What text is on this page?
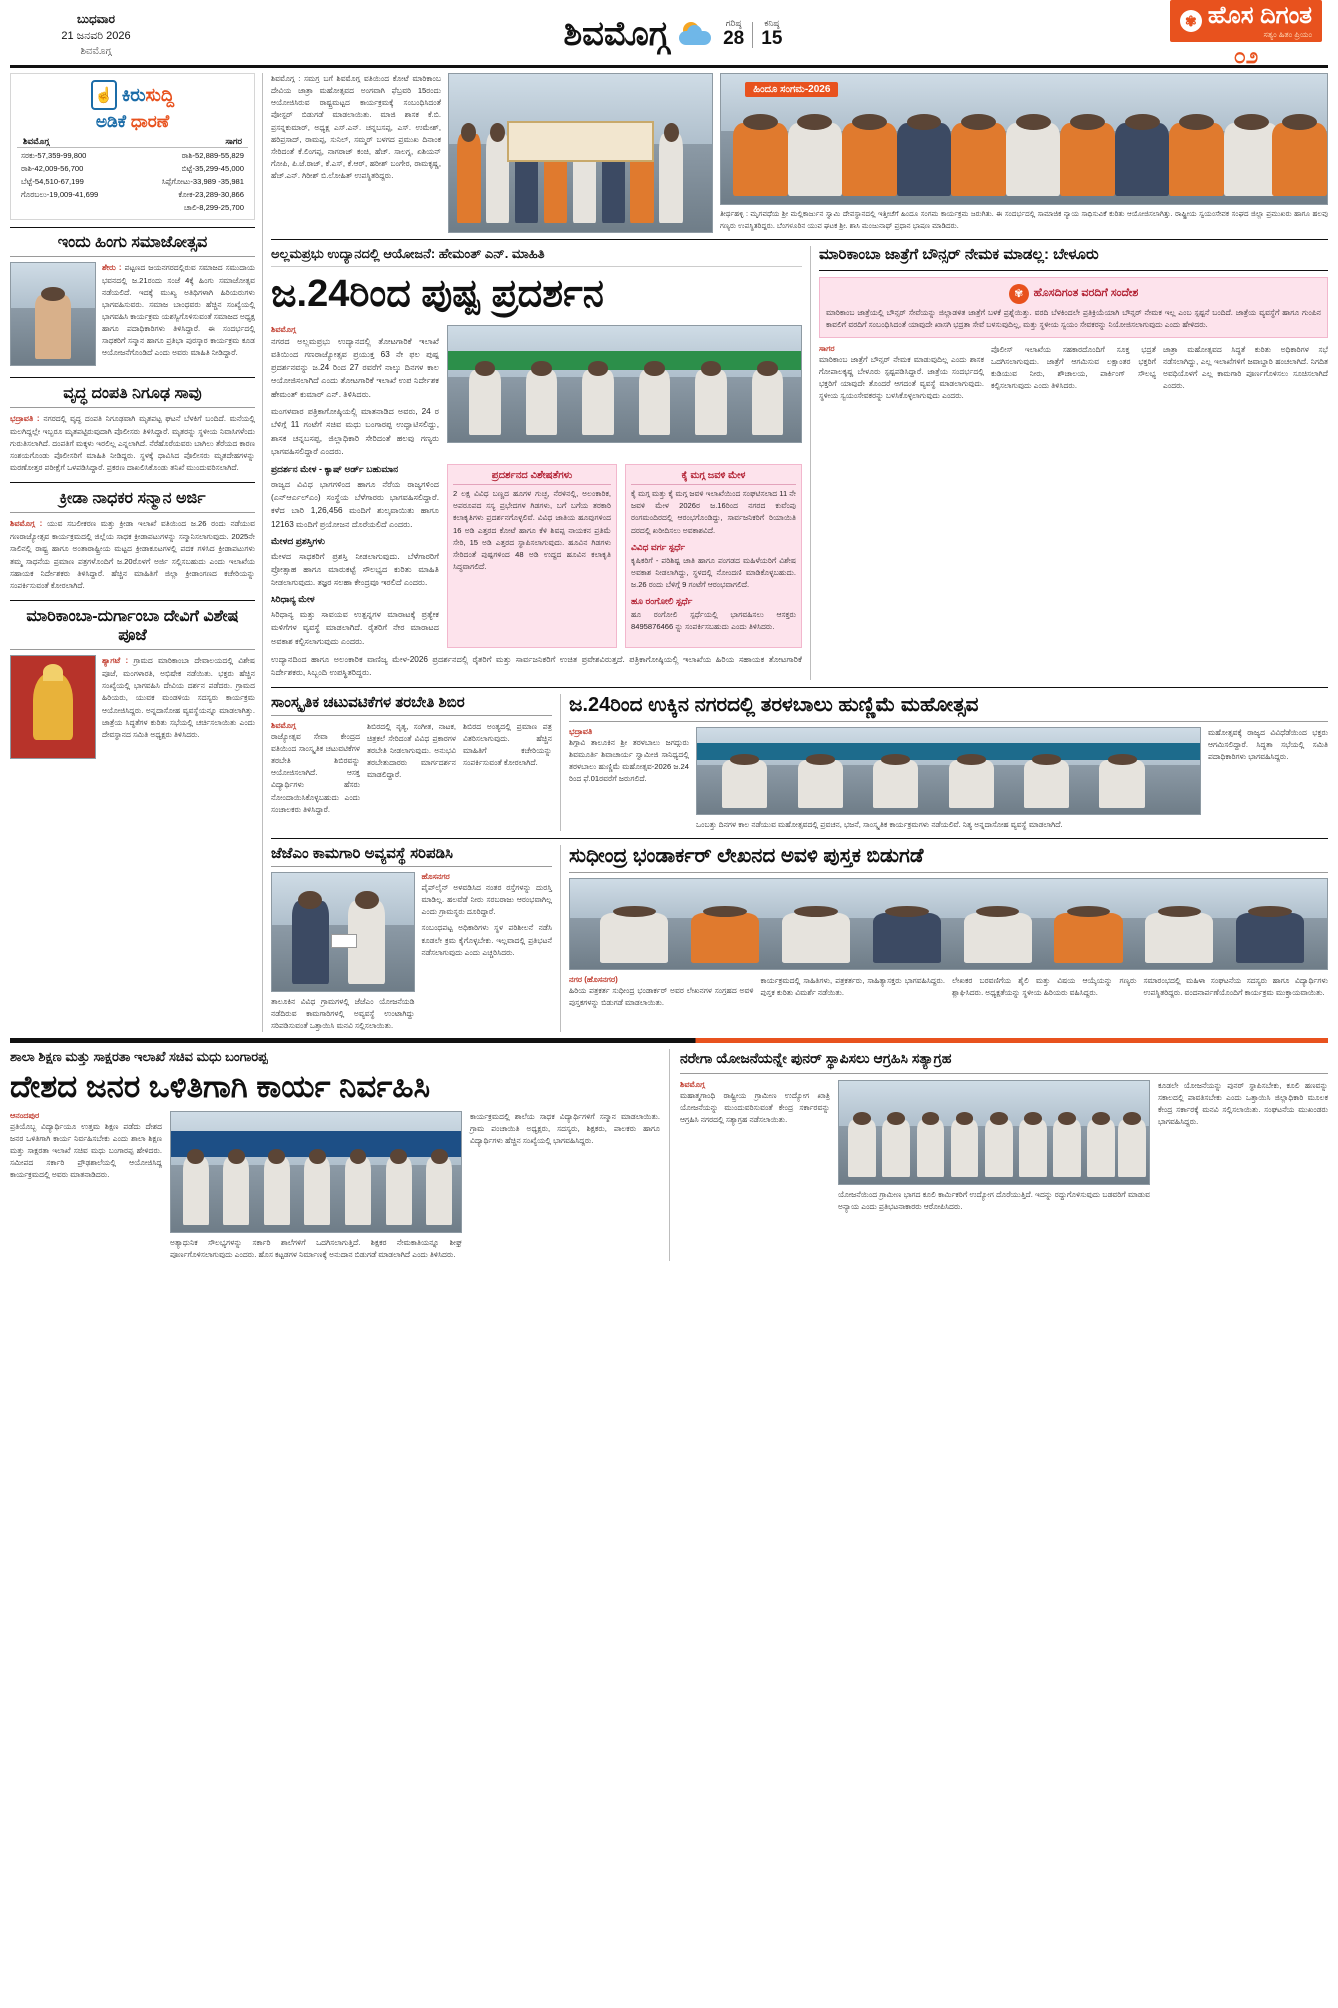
ಬುಧವಾರ
21 ಜನವರಿ 2026
ಶಿವಮೊಗ್ಗ	ಶಿವಮೊಗ್ಗ	ಗರಿಷ್ಠ
28
ಕನಿಷ್ಠ
15
✾ ಹೊಸ ದಿಗಂತ
ಸತ್ಯಂ ಹಿತಂ ಪ್ರಿಯಂ
೦೨
☝ ಕಿರುಸುದ್ದಿ
ಅಡಿಕೆ ಧಾರಣೆ
ಶಿವಮೊಗ್ಗ	ಸಾಗರ
ಸರಕು-57,359-99,800	ರಾಶಿ-52,889-55,829
ರಾಶಿ-42,009-56,700	ಬಿಟ್ಟೆ-35,299-45,000
ಬೆಟ್ಟೆ-54,510-67,199	ಸಿಪ್ಪೆಗೋಟು-33,989 -35,981
ಗೊರಬಲು-19,009-41,699	ಕೋಕ-23,289-30,866
ಚಾಲಿ-8,299-25,700
ಇಂದು ಹಿಂಗು ಸಮಾಜೋತ್ಸವ
ಶೇರು : ಪಟ್ಟಣದ ಜಯನಗರದಲ್ಲಿರುವ ಸಮಾಜದ ಸಮುದಾಯ ಭವನದಲ್ಲಿ ಜ.21ರಂದು ಸಂಜೆ 4ಕ್ಕೆ ಹಿಂಗು ಸಮಾಜೋತ್ಸವ ನಡೆಯಲಿದೆ. ಇದಕ್ಕೆ ಮುಖ್ಯ ಅತಿಥಿಗಳಾಗಿ ಹಿರಿಯರುಗಳು ಭಾಗವಹಿಸುವರು. ಸಮಾಜ ಬಾಂಧವರು ಹೆಚ್ಚಿನ ಸಂಖ್ಯೆಯಲ್ಲಿ ಭಾಗವಹಿಸಿ ಕಾರ್ಯಕ್ರಮ ಯಶಸ್ವಿಗೊಳಿಸುವಂತೆ ಸಮಾಜದ ಅಧ್ಯಕ್ಷ ಹಾಗೂ ಪದಾಧಿಕಾರಿಗಳು ತಿಳಿಸಿದ್ದಾರೆ. ಈ ಸಂದರ್ಭದಲ್ಲಿ ಸಾಧಕರಿಗೆ ಸನ್ಮಾನ ಹಾಗೂ ಪ್ರತಿಭಾ ಪುರಸ್ಕಾರ ಕಾರ್ಯಕ್ರಮ ಕೂಡ ಆಯೋಜನೆಗೊಂಡಿದೆ ಎಂದು ಅವರು ಮಾಹಿತಿ ನೀಡಿದ್ದಾರೆ.
ವೃದ್ಧ ದಂಪತಿ ನಿಗೂಢ ಸಾವು
ಭದ್ರಾವತಿ : ನಗರದಲ್ಲಿ ವೃದ್ಧ ದಂಪತಿ ನಿಗೂಢವಾಗಿ ಮೃತಪಟ್ಟ ಘಟನೆ ಬೆಳಕಿಗೆ ಬಂದಿದೆ. ಮನೆಯಲ್ಲಿ ಮಲಗಿದ್ದಲ್ಲೇ ಇಬ್ಬರೂ ಮೃತಪಟ್ಟಿರುವುದಾಗಿ ಪೊಲೀಸರು ತಿಳಿಸಿದ್ದಾರೆ. ಮೃತರನ್ನು ಸ್ಥಳೀಯ ನಿವಾಸಿಗಳೆಂದು ಗುರುತಿಸಲಾಗಿದೆ. ದಂಪತಿಗೆ ಮಕ್ಕಳು ಇರಲಿಲ್ಲ ಎನ್ನಲಾಗಿದೆ. ನೆರೆಹೊರೆಯವರು ಬಾಗಿಲು ತೆರೆಯದ ಕಾರಣ ಸಂಶಯಗೊಂಡು ಪೊಲೀಸರಿಗೆ ಮಾಹಿತಿ ನೀಡಿದ್ದರು. ಸ್ಥಳಕ್ಕೆ ಧಾವಿಸಿದ ಪೊಲೀಸರು ಮೃತದೇಹಗಳನ್ನು ಮರಣೋತ್ತರ ಪರೀಕ್ಷೆಗೆ ಒಳಪಡಿಸಿದ್ದಾರೆ. ಪ್ರಕರಣ ದಾಖಲಿಸಿಕೊಂಡು ತನಿಖೆ ಮುಂದುವರಿಸಲಾಗಿದೆ.
ಕ್ರೀಡಾ ನಾಧಕರ ಸನ್ಮಾನ ಅರ್ಜಿ
ಶಿವಮೊಗ್ಗ : ಯುವ ಸಬಲೀಕರಣ ಮತ್ತು ಕ್ರೀಡಾ ಇಲಾಖೆ ವತಿಯಿಂದ ಜ.26 ರಂದು ನಡೆಯುವ ಗಣರಾಜ್ಯೋತ್ಸವ ಕಾರ್ಯಕ್ರಮದಲ್ಲಿ ಜಿಲ್ಲೆಯ ಸಾಧಕ ಕ್ರೀಡಾಪಟುಗಳನ್ನು ಸನ್ಮಾನಿಸಲಾಗುವುದು. 2025ನೇ ಸಾಲಿನಲ್ಲಿ ರಾಷ್ಟ್ರ ಹಾಗೂ ಅಂತಾರಾಷ್ಟ್ರೀಯ ಮಟ್ಟದ ಕ್ರೀಡಾಕೂಟಗಳಲ್ಲಿ ಪದಕ ಗಳಿಸಿದ ಕ್ರೀಡಾಪಟುಗಳು ತಮ್ಮ ಸಾಧನೆಯ ಪ್ರಮಾಣ ಪತ್ರಗಳೊಂದಿಗೆ ಜ.20ರೊಳಗೆ ಅರ್ಜಿ ಸಲ್ಲಿಸಬಹುದು ಎಂದು ಇಲಾಖೆಯ ಸಹಾಯಕ ನಿರ್ದೇಶಕರು ತಿಳಿಸಿದ್ದಾರೆ. ಹೆಚ್ಚಿನ ಮಾಹಿತಿಗೆ ಜಿಲ್ಲಾ ಕ್ರೀಡಾಂಗಣದ ಕಚೇರಿಯನ್ನು ಸಂಪರ್ಕಿಸುವಂತೆ ಕೋರಲಾಗಿದೆ.
ಮಾರಿಕಾಂಬಾ-ದುರ್ಗಾಂಬಾ ದೇವಿಗೆ ವಿಶೇಷ ಪೂಜೆ
ಶ್ಯಾಗಟೆ : ಗ್ರಾಮದ ಮಾರಿಕಾಂಬಾ ದೇವಾಲಯದಲ್ಲಿ ವಿಶೇಷ ಪೂಜೆ, ಮಂಗಳಾರತಿ, ಅಭಿಷೇಕ ನಡೆಯಿತು. ಭಕ್ತರು ಹೆಚ್ಚಿನ ಸಂಖ್ಯೆಯಲ್ಲಿ ಭಾಗವಹಿಸಿ ದೇವಿಯ ದರ್ಶನ ಪಡೆದರು. ಗ್ರಾಮದ ಹಿರಿಯರು, ಯುವಕ ಮಂಡಳಿಯ ಸದಸ್ಯರು ಕಾರ್ಯಕ್ರಮ ಆಯೋಜಿಸಿದ್ದರು. ಅನ್ನದಾಸೋಹ ವ್ಯವಸ್ಥೆಯನ್ನೂ ಮಾಡಲಾಗಿತ್ತು. ಜಾತ್ರೆಯ ಸಿದ್ಧತೆಗಳ ಕುರಿತು ಸಭೆಯಲ್ಲಿ ಚರ್ಚಿಸಲಾಯಿತು ಎಂದು ದೇವಸ್ಥಾನದ ಸಮಿತಿ ಅಧ್ಯಕ್ಷರು ತಿಳಿಸಿದರು.
ಶಿವಮೊಗ್ಗ : ಸಮಗ್ರ ಬಗೆ ಶಿವಮೊಗ್ಗ ವತಿಯಿಂದ ಕೋಟೆ ಮಾರಿಕಾಂಬ ದೇವಿಯ ಜಾತ್ರಾ ಮಹೋತ್ಸವದ ಅಂಗವಾಗಿ ಫೆಬ್ರವರಿ 15ರಂದು ಆಯೋಜಿಸಿರುವ ರಾಷ್ಟ್ರಮಟ್ಟದ ಕಾರ್ಯಕ್ರಮಕ್ಕೆ ಸಂಬಂಧಿಸಿದಂತೆ ಪೋಸ್ಟರ್ ಬಿಡುಗಡೆ ಮಾಡಲಾಯಿತು. ಮಾಜಿ ಶಾಸಕ ಕೆ.ಬಿ. ಪ್ರಸನ್ನಕುಮಾರ್, ಅಧ್ಯಕ್ಷ ಎಸ್.ಎನ್. ಚನ್ನಬಸಪ್ಪ, ಎಸ್. ಉಮೇಶ್, ಹರಿಪ್ರಸಾದ್, ರಾಮಪ್ಪ, ಸುನಿಲ್, ಸಮ್ಮರ್ ಬಳಗದ ಪ್ರಮುಖ ದಿನಾಂಕ ಸೇರಿದಂತೆ ಕೆ.ಲಿಂಗಪ್ಪ, ನಾಗರಾಜ್ ಕಂಚಿ, ಹೆಚ್. ಸಾಲಗ್ನ, ಏಶಿಯನ್ ಗೋಪಿ, ಪಿ.ಜೆ.ರಾಜ್, ಕೆ.ಎಸ್, ಕೆ.ಆರ್, ಹರೀಶ್ ಬಂಗೇರ, ರಾಮಕೃಷ್ಣ, ಹೆಚ್.ಎನ್. ಗಿರೀಶ್ ಬಿ.ಲೋಹಿತ್ ಉಪಸ್ಥಿತರಿದ್ದರು.
ಹಿಂದೂ ಸಂಗಮ-2026
ತೀರ್ಥಹಳ್ಳಿ : ಮೃಗವಧೆಯ ಶ್ರೀ ಮಲ್ಲಿಕಾರ್ಜುನ ಸ್ವಾಮಿ ದೇವಸ್ಥಾನದಲ್ಲಿ ಇತ್ತೀಚೆಗೆ ಹಿಂದೂ ಸಂಗಮ ಕಾರ್ಯಕ್ರಮ ಜರುಗಿತು. ಈ ಸಂದರ್ಭದಲ್ಲಿ ಸಾಮಾಜಿಕ ನ್ಯಾಯ ಸಾಧಿಸುವಿಕೆ ಕುರಿತು ಆಯೋಜಿಸಲಾಗಿತ್ತು. ರಾಷ್ಟ್ರೀಯ ಸ್ವಯಂಸೇವಕ ಸಂಘದ ಜಿಲ್ಲಾ ಪ್ರಮುಖರು ಹಾಗೂ ಹಲವು ಗಣ್ಯರು ಉಪಸ್ಥಿತರಿದ್ದರು. ಬೆಂಗಳೂರಿನ ಯುವ ಘಟಕ ಶ್ರೀ. ಶಾಸಿ ಮಂಜುನಾಥ್ ಪ್ರಧಾನ ಭಾಷಣ ಮಾಡಿದರು.
ಅಲ್ಲಮಪ್ರಭು ಉದ್ಯಾನದಲ್ಲಿ ಆಯೋಜನೆ: ಹೇಮಂತ್ ಎನ್. ಮಾಹಿತಿ
ಜ.24ರಿಂದ ಪುಷ್ಪ ಪ್ರದರ್ಶನ
ಶಿವಮೊಗ್ಗ
ನಗರದ ಅಲ್ಲಮಪ್ರಭು ಉದ್ಯಾನದಲ್ಲಿ ತೋಟಗಾರಿಕೆ ಇಲಾಖೆ ವತಿಯಿಂದ ಗಣರಾಜ್ಯೋತ್ಸವ ಪ್ರಯುಕ್ತ 63 ನೇ ಫಲ ಪುಷ್ಪ ಪ್ರದರ್ಶನವನ್ನು ಜ.24 ರಿಂದ 27 ರವರೆಗೆ ನಾಲ್ಕು ದಿನಗಳ ಕಾಲ ಆಯೋಜಿಸಲಾಗಿದೆ ಎಂದು ತೋಟಗಾರಿಕೆ ಇಲಾಖೆ ಉಪ ನಿರ್ದೇಶಕ ಹೇಮಂತ್ ಕುಮಾರ್ ಎನ್. ತಿಳಿಸಿದರು.
ಮಂಗಳವಾರ ಪತ್ರಿಕಾಗೋಷ್ಠಿಯಲ್ಲಿ ಮಾತನಾಡಿದ ಅವರು, 24 ರ ಬೆಳಿಗ್ಗೆ 11 ಗಂಟೆಗೆ ಸಚಿವ ಮಧು ಬಂಗಾರಪ್ಪ ಉದ್ಘಾಟಿಸಲಿದ್ದು, ಶಾಸಕ ಚನ್ನಬಸಪ್ಪ, ಜಿಲ್ಲಾಧಿಕಾರಿ ಸೇರಿದಂತೆ ಹಲವು ಗಣ್ಯರು ಭಾಗವಹಿಸಲಿದ್ದಾರೆ ಎಂದರು.
ಪ್ರದರ್ಶನ ಮೇಳ - ಕ್ಯಾಷ್ ಅರ್ಡ್ ಬಹುಮಾನ
ರಾಜ್ಯದ ವಿವಿಧ ಭಾಗಗಳಿಂದ ಹಾಗೂ ನೆರೆಯ ರಾಜ್ಯಗಳಿಂದ (ಎನ್ಆರ್ಎಲ್ಎಂ) ಸಂಸ್ಥೆಯ ಬೆಳೆಗಾರರು ಭಾಗವಹಿಸಲಿದ್ದಾರೆ. ಕಳೆದ ಬಾರಿ 1,26,456 ಮಂದಿಗೆ ಶುಲ್ಕವಾಯಿತು ಹಾಗೂ 12163 ಮಂದಿಗೆ ಪ್ರಯೋಜನ ದೊರೆಯಲಿದೆ ಎಂದರು.
ಮೇಳದ ಪ್ರಶಸ್ತಿಗಳು
ಮೇಳದ ಸಾಧಕರಿಗೆ ಪ್ರಶಸ್ತಿ ನೀಡಲಾಗುವುದು. ಬೆಳೆಗಾರರಿಗೆ ಪ್ರೋತ್ಸಾಹ ಹಾಗೂ ಮಾರುಕಟ್ಟೆ ಸೌಲಭ್ಯದ ಕುರಿತು ಮಾಹಿತಿ ನೀಡಲಾಗುವುದು. ತಜ್ಞರ ಸಲಹಾ ಕೇಂದ್ರವೂ ಇರಲಿದೆ ಎಂದರು.
ಸಿರಿಧಾನ್ಯ ಮೇಳ
ಸಿರಿಧಾನ್ಯ ಮತ್ತು ಸಾವಯವ ಉತ್ಪನ್ನಗಳ ಮಾರಾಟಕ್ಕೆ ಪ್ರತ್ಯೇಕ ಮಳಿಗೆಗಳ ವ್ಯವಸ್ಥೆ ಮಾಡಲಾಗಿದೆ. ರೈತರಿಗೆ ನೇರ ಮಾರಾಟದ ಅವಕಾಶ ಕಲ್ಪಿಸಲಾಗುವುದು ಎಂದರು.
ಪ್ರದರ್ಶನದ ವಿಶೇಷತೆಗಳು
2 ಲಕ್ಷ ವಿವಿಧ ಬಣ್ಣದ ಹೂಗಳ ಗುಚ್ಛ, ನೆರಳಿನಲ್ಲಿ, ಅಲಂಕಾರಿಕ, ಅಪರೂಪದ ಸಸ್ಯ ಪ್ರಭೇದಗಳ ಗಿಡಗಳು, ಬಗೆ ಬಗೆಯ ತರಕಾರಿ ಕಲಾಕೃತಿಗಳು ಪ್ರದರ್ಶನಗೊಳ್ಳಲಿವೆ. ವಿವಿಧ ಜಾತಿಯ ಹೂವುಗಳಿಂದ 16 ಅಡಿ ಎತ್ತರದ ಕೋಟೆ ಹಾಗೂ ಕೆಳಿ ಶಿವಪ್ಪ ನಾಯಕನ ಪ್ರತಿಮೆ ಸೇರಿ, 15 ಅಡಿ ಎತ್ತರದ ಸ್ಥಾಪಿಸಲಾಗುವುದು. ಹೂವಿನ ಗಿಡಗಳು ಸೇರಿದಂತೆ ಪುಷ್ಪಗಳಿಂದ 48 ಅಡಿ ಉದ್ದದ ಹೂವಿನ ಕಲಾಕೃತಿ ಸಿದ್ಧವಾಗಲಿದೆ.
ಕೈ ಮಗ್ಗ ಜವಳಿ ಮೇಳ
ಕೈ ಮಗ್ಗ ಮತ್ತು ಕೈ ಮಗ್ಗ ಜವಳಿ ಇಲಾಖೆಯಿಂದ ಸಂಘಟಿಸಲಾದ 11 ನೇ ಜವಳಿ ಮೇಳ 2026ರ ಜ.16ರಿಂದ ನಗರದ ಕುವೆಂಪು ರಂಗಮಂದಿರದಲ್ಲಿ ಆರಂಭಗೊಂಡಿದ್ದು, ಸಾರ್ವಜನಿಕರಿಗೆ ರಿಯಾಯಿತಿ ದರದಲ್ಲಿ ಖರೀದಿಸಲು ಅವಕಾಶವಿದೆ.
ವಿವಿಧ ವರ್ಗ ಸ್ಪರ್ಧೆ
ಕೃಷಿಕರಿಗೆ - ಪರಿಶಿಷ್ಟ ಜಾತಿ ಹಾಗೂ ಪಂಗಡದ ಮಹಿಳೆಯರಿಗೆ ವಿಶೇಷ ಅವಕಾಶ ನೀಡಲಾಗಿದ್ದು, ಸ್ಥಳದಲ್ಲಿ ನೋಂದಣಿ ಮಾಡಿಕೊಳ್ಳಬಹುದು. ಜ.26 ರಂದು ಬೆಳಿಗ್ಗೆ 9 ಗಂಟೆಗೆ ಆರಂಭವಾಗಲಿದೆ.
ಹೂ ರಂಗೋಲಿ ಸ್ಪರ್ಧೆ
ಹೂ ರಂಗೋಲಿ ಸ್ಪರ್ಧೆಯಲ್ಲಿ ಭಾಗವಹಿಸಲು ಆಸಕ್ತರು 8495876466 ನ್ನು ಸಂಪರ್ಕಿಸಬಹುದು ಎಂದು ತಿಳಿಸಿದರು.
ಉದ್ಯಾನದಿಂದ ಹಾಗೂ ಅಲಂಕಾರಿಕ ವಾಣಿಜ್ಯ ಮೇಳ-2026 ಪ್ರದರ್ಶನದಲ್ಲಿ ರೈತರಿಗೆ ಮತ್ತು ಸಾರ್ವಜನಿಕರಿಗೆ ಉಚಿತ ಪ್ರವೇಶವಿರುತ್ತದೆ. ಪತ್ರಿಕಾಗೋಷ್ಠಿಯಲ್ಲಿ ಇಲಾಖೆಯ ಹಿರಿಯ ಸಹಾಯಕ ತೋಟಗಾರಿಕೆ ನಿರ್ದೇಶಕರು, ಸಿಬ್ಬಂದಿ ಉಪಸ್ಥಿತರಿದ್ದರು.
ಮಾರಿಕಾಂಬಾ ಜಾತ್ರೆಗೆ ಬೌನ್ಸರ್ ನೇಮಕ ಮಾಡಲ್ಲ: ಬೇಳೂರು
✾ ಹೊಸದಿಗಂತ ವರದಿಗೆ ಸಂದೇಶ
ಮಾರಿಕಾಂಬ ಜಾತ್ರೆಯಲ್ಲಿ ಬೌನ್ಸರ್ ಸೇವೆಯನ್ನು ಜಿಲ್ಲಾಡಳಿತ ಜಾತ್ರೆಗೆ ಬಳಕೆ ಪ್ರಶ್ನೆಯಿತ್ತು. ವರದಿ ಬೆಳಕಿಂದಲೇ ಪ್ರತಿಕ್ರಿಯೆಯಾಗಿ ಬೌನ್ಸರ್ ನೇಮಕ ಇಲ್ಲ ಎಂಬ ಸ್ಪಷ್ಟನೆ ಬಂದಿದೆ. ಜಾತ್ರೆಯ ವ್ಯವಸ್ಥೆಗೆ ಹಾಗೂ ಗುಂಪಿನ ಕಾವಲಿಗೆ ವರದಿಗೆ ಸಂಬಂಧಿಸಿದಂತೆ ಯಾವುದೇ ಖಾಸಗಿ ಭದ್ರತಾ ಸೇವೆ ಬಳಸುವುದಿಲ್ಲ, ಮತ್ತು ಸ್ಥಳೀಯ ಸ್ವಯಂ ಸೇವಕರನ್ನು ನಿಯೋಜಿಸಲಾಗುವುದು ಎಂದು ಹೇಳಿದರು.
ಸಾಗರ
ಮಾರಿಕಾಂಬ ಜಾತ್ರೆಗೆ ಬೌನ್ಸರ್ ನೇಮಕ ಮಾಡುವುದಿಲ್ಲ ಎಂದು ಶಾಸಕ ಗೋಪಾಲಕೃಷ್ಣ ಬೇಳೂರು ಸ್ಪಷ್ಟಪಡಿಸಿದ್ದಾರೆ. ಜಾತ್ರೆಯ ಸಂದರ್ಭದಲ್ಲಿ ಭಕ್ತರಿಗೆ ಯಾವುದೇ ತೊಂದರೆ ಆಗದಂತೆ ವ್ಯವಸ್ಥೆ ಮಾಡಲಾಗುವುದು. ಸ್ಥಳೀಯ ಸ್ವಯಂಸೇವಕರನ್ನು ಬಳಸಿಕೊಳ್ಳಲಾಗುವುದು ಎಂದರು.
ಪೊಲೀಸ್ ಇಲಾಖೆಯ ಸಹಕಾರದೊಂದಿಗೆ ಸೂಕ್ತ ಭದ್ರತೆ ಒದಗಿಸಲಾಗುವುದು. ಜಾತ್ರೆಗೆ ಆಗಮಿಸುವ ಲಕ್ಷಾಂತರ ಭಕ್ತರಿಗೆ ಕುಡಿಯುವ ನೀರು, ಶೌಚಾಲಯ, ಪಾರ್ಕಿಂಗ್ ಸೌಲಭ್ಯ ಕಲ್ಪಿಸಲಾಗುವುದು ಎಂದು ತಿಳಿಸಿದರು.
ಜಾತ್ರಾ ಮಹೋತ್ಸವದ ಸಿದ್ಧತೆ ಕುರಿತು ಅಧಿಕಾರಿಗಳ ಸಭೆ ನಡೆಸಲಾಗಿದ್ದು, ಎಲ್ಲ ಇಲಾಖೆಗಳಿಗೆ ಜವಾಬ್ದಾರಿ ಹಂಚಲಾಗಿದೆ. ನಿಗದಿತ ಅವಧಿಯೊಳಗೆ ಎಲ್ಲ ಕಾಮಗಾರಿ ಪೂರ್ಣಗೊಳಿಸಲು ಸೂಚಿಸಲಾಗಿದೆ ಎಂದರು.
ಸಾಂಸ್ಕೃತಿಕ ಚಟುವಟಿಕೆಗಳ ತರಬೇತಿ ಶಿಬಿರ
ಶಿವಮೊಗ್ಗ
ರಾಜ್ಯೋತ್ಸವ ಸೇವಾ ಕೇಂದ್ರದ ವತಿಯಿಂದ ಸಾಂಸ್ಕೃತಿಕ ಚಟುವಟಿಕೆಗಳ ತರಬೇತಿ ಶಿಬಿರವನ್ನು ಆಯೋಜಿಸಲಾಗಿದೆ. ಆಸಕ್ತ ವಿದ್ಯಾರ್ಥಿಗಳು ಹೆಸರು ನೋಂದಾಯಿಸಿಕೊಳ್ಳಬಹುದು ಎಂದು ಸಂಚಾಲಕರು ತಿಳಿಸಿದ್ದಾರೆ.
ಶಿಬಿರದಲ್ಲಿ ನೃತ್ಯ, ಸಂಗೀತ, ನಾಟಕ, ಚಿತ್ರಕಲೆ ಸೇರಿದಂತೆ ವಿವಿಧ ಪ್ರಕಾರಗಳ ತರಬೇತಿ ನೀಡಲಾಗುವುದು. ಅನುಭವಿ ತರಬೇತುದಾರರು ಮಾರ್ಗದರ್ಶನ ಮಾಡಲಿದ್ದಾರೆ.
ಶಿಬಿರದ ಅಂತ್ಯದಲ್ಲಿ ಪ್ರಮಾಣ ಪತ್ರ ವಿತರಿಸಲಾಗುವುದು. ಹೆಚ್ಚಿನ ಮಾಹಿತಿಗೆ ಕಚೇರಿಯನ್ನು ಸಂಪರ್ಕಿಸುವಂತೆ ಕೋರಲಾಗಿದೆ.
ಜ.24ರಿಂದ ಉಕ್ಕಿನ ನಗರದಲ್ಲಿ ತರಳಬಾಲು ಹುಣ್ಣಿಮೆ ಮಹೋತ್ಸವ
ಭದ್ರಾವತಿ
ಶಿಗ್ಗಾವಿ ತಾಲೂಕಿನ ಶ್ರೀ ತರಳಬಾಲು ಜಗದ್ಗುರು ಶಿವಮೂರ್ತಿ ಶಿವಾಚಾರ್ಯ ಸ್ವಾಮೀಜಿ ಸಾನಿಧ್ಯದಲ್ಲಿ ತರಳಬಾಲು ಹುಣ್ಣಿಮೆ ಮಹೋತ್ಸವ-2026 ಜ.24 ರಿಂದ ಫೆ.01ರವರೆಗೆ ಜರುಗಲಿದೆ.
ಒಂಬತ್ತು ದಿನಗಳ ಕಾಲ ನಡೆಯುವ ಮಹೋತ್ಸವದಲ್ಲಿ ಪ್ರವಚನ, ಭಜನೆ, ಸಾಂಸ್ಕೃತಿಕ ಕಾರ್ಯಕ್ರಮಗಳು ನಡೆಯಲಿವೆ. ನಿತ್ಯ ಅನ್ನದಾಸೋಹ ವ್ಯವಸ್ಥೆ ಮಾಡಲಾಗಿದೆ.
ಮಹೋತ್ಸವಕ್ಕೆ ರಾಜ್ಯದ ವಿವಿಧೆಡೆಯಿಂದ ಭಕ್ತರು ಆಗಮಿಸಲಿದ್ದಾರೆ. ಸಿದ್ಧತಾ ಸಭೆಯಲ್ಲಿ ಸಮಿತಿ ಪದಾಧಿಕಾರಿಗಳು ಭಾಗವಹಿಸಿದ್ದರು.
ಜೆಜೆಎಂ ಕಾಮಗಾರಿ ಅವ್ಯವಸ್ಥೆ ಸರಿಪಡಿಸಿ
ತಾಲೂಕಿನ ವಿವಿಧ ಗ್ರಾಮಗಳಲ್ಲಿ ಜೆಜೆಎಂ ಯೋಜನೆಯಡಿ ನಡೆದಿರುವ ಕಾಮಗಾರಿಗಳಲ್ಲಿ ಅವ್ಯವಸ್ಥೆ ಉಂಟಾಗಿದ್ದು ಸರಿಪಡಿಸುವಂತೆ ಒತ್ತಾಯಿಸಿ ಮನವಿ ಸಲ್ಲಿಸಲಾಯಿತು.
ಹೊಸನಗರ
ಪೈಪ್‌ಲೈನ್ ಅಳವಡಿಸಿದ ನಂತರ ರಸ್ತೆಗಳನ್ನು ದುರಸ್ತಿ ಮಾಡಿಲ್ಲ. ಹಲವೆಡೆ ನೀರು ಸರಬರಾಜು ಆರಂಭವಾಗಿಲ್ಲ ಎಂದು ಗ್ರಾಮಸ್ಥರು ದೂರಿದ್ದಾರೆ.
ಸಂಬಂಧಪಟ್ಟ ಅಧಿಕಾರಿಗಳು ಸ್ಥಳ ಪರಿಶೀಲನೆ ನಡೆಸಿ ಕೂಡಲೇ ಕ್ರಮ ಕೈಗೊಳ್ಳಬೇಕು. ಇಲ್ಲವಾದಲ್ಲಿ ಪ್ರತಿಭಟನೆ ನಡೆಸಲಾಗುವುದು ಎಂದು ಎಚ್ಚರಿಸಿದರು.
ಸುಧೀಂದ್ರ ಭಂಡಾರ್ಕರ್ ಲೇಖನದ ಅವಳಿ ಪುಸ್ತಕ ಬಿಡುಗಡೆ
ನಗರ (ಹೊಸನಗರ)
ಹಿರಿಯ ಪತ್ರಕರ್ತ ಸುಧೀಂದ್ರ ಭಂಡಾರ್ಕರ್ ಅವರ ಲೇಖನಗಳ ಸಂಗ್ರಹದ ಅವಳಿ ಪುಸ್ತಕಗಳನ್ನು ಬಿಡುಗಡೆ ಮಾಡಲಾಯಿತು.
ಕಾರ್ಯಕ್ರಮದಲ್ಲಿ ಸಾಹಿತಿಗಳು, ಪತ್ರಕರ್ತರು, ಸಾಹಿತ್ಯಾಸಕ್ತರು ಭಾಗವಹಿಸಿದ್ದರು. ಪುಸ್ತಕ ಕುರಿತು ವಿಮರ್ಶೆ ನಡೆಯಿತು.
ಲೇಖಕರ ಬರವಣಿಗೆಯ ಶೈಲಿ ಮತ್ತು ವಿಷಯ ಆಯ್ಕೆಯನ್ನು ಗಣ್ಯರು ಶ್ಲಾಘಿಸಿದರು. ಅಧ್ಯಕ್ಷತೆಯನ್ನು ಸ್ಥಳೀಯ ಹಿರಿಯರು ವಹಿಸಿದ್ದರು.
ಸಮಾರಂಭದಲ್ಲಿ ಮಹಿಳಾ ಸಂಘಟನೆಯ ಸದಸ್ಯರು ಹಾಗೂ ವಿದ್ಯಾರ್ಥಿಗಳು ಉಪಸ್ಥಿತರಿದ್ದರು. ವಂದನಾರ್ಪಣೆಯೊಂದಿಗೆ ಕಾರ್ಯಕ್ರಮ ಮುಕ್ತಾಯವಾಯಿತು.
ಶಾಲಾ ಶಿಕ್ಷಣ ಮತ್ತು ಸಾಕ್ಷರತಾ ಇಲಾಖೆ ಸಚಿವ ಮಧು ಬಂಗಾರಪ್ಪ
ದೇಶದ ಜನರ ಒಳಿತಿಗಾಗಿ ಕಾರ್ಯ ನಿರ್ವಹಿಸಿ
ಆನಂದಪುರ
ಪ್ರತಿಯೊಬ್ಬ ವಿದ್ಯಾರ್ಥಿಯೂ ಉತ್ತಮ ಶಿಕ್ಷಣ ಪಡೆದು ದೇಶದ ಜನರ ಒಳಿತಿಗಾಗಿ ಕಾರ್ಯ ನಿರ್ವಹಿಸಬೇಕು ಎಂದು ಶಾಲಾ ಶಿಕ್ಷಣ ಮತ್ತು ಸಾಕ್ಷರತಾ ಇಲಾಖೆ ಸಚಿವ ಮಧು ಬಂಗಾರಪ್ಪ ಹೇಳಿದರು. ಸಮೀಪದ ಸರ್ಕಾರಿ ಪ್ರೌಢಶಾಲೆಯಲ್ಲಿ ಆಯೋಜಿಸಿದ್ದ ಕಾರ್ಯಕ್ರಮದಲ್ಲಿ ಅವರು ಮಾತನಾಡಿದರು.
ಅತ್ಯಾಧುನಿಕ ಸೌಲಭ್ಯಗಳನ್ನು ಸರ್ಕಾರಿ ಶಾಲೆಗಳಿಗೆ ಒದಗಿಸಲಾಗುತ್ತಿದೆ. ಶಿಕ್ಷಕರ ನೇಮಕಾತಿಯನ್ನೂ ಶೀಘ್ರ ಪೂರ್ಣಗೊಳಿಸಲಾಗುವುದು ಎಂದರು. ಹೊಸ ಕಟ್ಟಡಗಳ ನಿರ್ಮಾಣಕ್ಕೆ ಅನುದಾನ ಬಿಡುಗಡೆ ಮಾಡಲಾಗಿದೆ ಎಂದು ತಿಳಿಸಿದರು.
ಕಾರ್ಯಕ್ರಮದಲ್ಲಿ ಶಾಲೆಯ ಸಾಧಕ ವಿದ್ಯಾರ್ಥಿಗಳಿಗೆ ಸನ್ಮಾನ ಮಾಡಲಾಯಿತು. ಗ್ರಾಮ ಪಂಚಾಯಿತಿ ಅಧ್ಯಕ್ಷರು, ಸದಸ್ಯರು, ಶಿಕ್ಷಕರು, ಪಾಲಕರು ಹಾಗೂ ವಿದ್ಯಾರ್ಥಿಗಳು ಹೆಚ್ಚಿನ ಸಂಖ್ಯೆಯಲ್ಲಿ ಭಾಗವಹಿಸಿದ್ದರು.
ನರೇಗಾ ಯೋಜನೆಯನ್ನೇ ಪುನರ್ ಸ್ಥಾಪಿಸಲು ಆಗ್ರಹಿಸಿ ಸತ್ಯಾಗ್ರಹ
ಶಿವಮೊಗ್ಗ
ಮಹಾತ್ಮಗಾಂಧಿ ರಾಷ್ಟ್ರೀಯ ಗ್ರಾಮೀಣ ಉದ್ಯೋಗ ಖಾತ್ರಿ ಯೋಜನೆಯನ್ನು ಮುಂದುವರಿಸುವಂತೆ ಕೇಂದ್ರ ಸರ್ಕಾರವನ್ನು ಆಗ್ರಹಿಸಿ ನಗರದಲ್ಲಿ ಸತ್ಯಾಗ್ರಹ ನಡೆಸಲಾಯಿತು.
ಯೋಜನೆಯಿಂದ ಗ್ರಾಮೀಣ ಭಾಗದ ಕೂಲಿ ಕಾರ್ಮಿಕರಿಗೆ ಉದ್ಯೋಗ ದೊರೆಯುತ್ತಿದೆ. ಇದನ್ನು ರದ್ದುಗೊಳಿಸುವುದು ಬಡವರಿಗೆ ಮಾಡುವ ಅನ್ಯಾಯ ಎಂದು ಪ್ರತಿಭಟನಾಕಾರರು ಆರೋಪಿಸಿದರು.
ಕೂಡಲೇ ಯೋಜನೆಯನ್ನು ಪುನರ್ ಸ್ಥಾಪಿಸಬೇಕು, ಕೂಲಿ ಹಣವನ್ನು ಸಕಾಲದಲ್ಲಿ ಪಾವತಿಸಬೇಕು ಎಂದು ಒತ್ತಾಯಿಸಿ ಜಿಲ್ಲಾಧಿಕಾರಿ ಮೂಲಕ ಕೇಂದ್ರ ಸರ್ಕಾರಕ್ಕೆ ಮನವಿ ಸಲ್ಲಿಸಲಾಯಿತು. ಸಂಘಟನೆಯ ಮುಖಂಡರು ಭಾಗವಹಿಸಿದ್ದರು.
